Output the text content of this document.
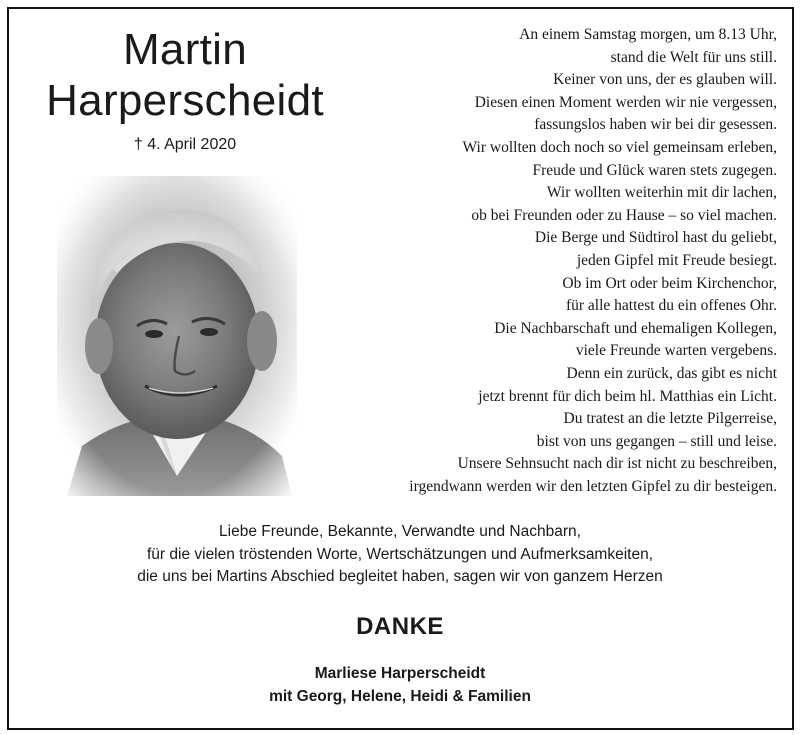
Martin
Harperscheidt
† 4. April 2020
An einem Samstag morgen, um 8.13 Uhr,
stand die Welt für uns still.
Keiner von uns, der es glauben will.
Diesen einen Moment werden wir nie vergessen,
fassungslos haben wir bei dir gesessen.
Wir wollten doch noch so viel gemeinsam erleben,
Freude und Glück waren stets zugegen.
Wir wollten weiterhin mit dir lachen,
ob bei Freunden oder zu Hause – so viel machen.
Die Berge und Südtirol hast du geliebt,
jeden Gipfel mit Freude besiegt.
Ob im Ort oder beim Kirchenchor,
für alle hattest du ein offenes Ohr.
Die Nachbarschaft und ehemaligen Kollegen,
viele Freunde warten vergebens.
Denn ein zurück, das gibt es nicht
jetzt brennt für dich beim hl. Matthias ein Licht.
Du tratest an die letzte Pilgerreise,
bist von uns gegangen – still und leise.
Unsere Sehnsucht nach dir ist nicht zu beschreiben,
irgendwann werden wir den letzten Gipfel zu dir besteigen.
Liebe Freunde, Bekannte, Verwandte und Nachbarn,
für die vielen tröstenden Worte, Wertschätzungen und Aufmerksamkeiten,
die uns bei Martins Abschied begleitet haben, sagen wir von ganzem Herzen
DANKE
Marliese Harperscheidt
mit Georg, Helene, Heidi & Familien
